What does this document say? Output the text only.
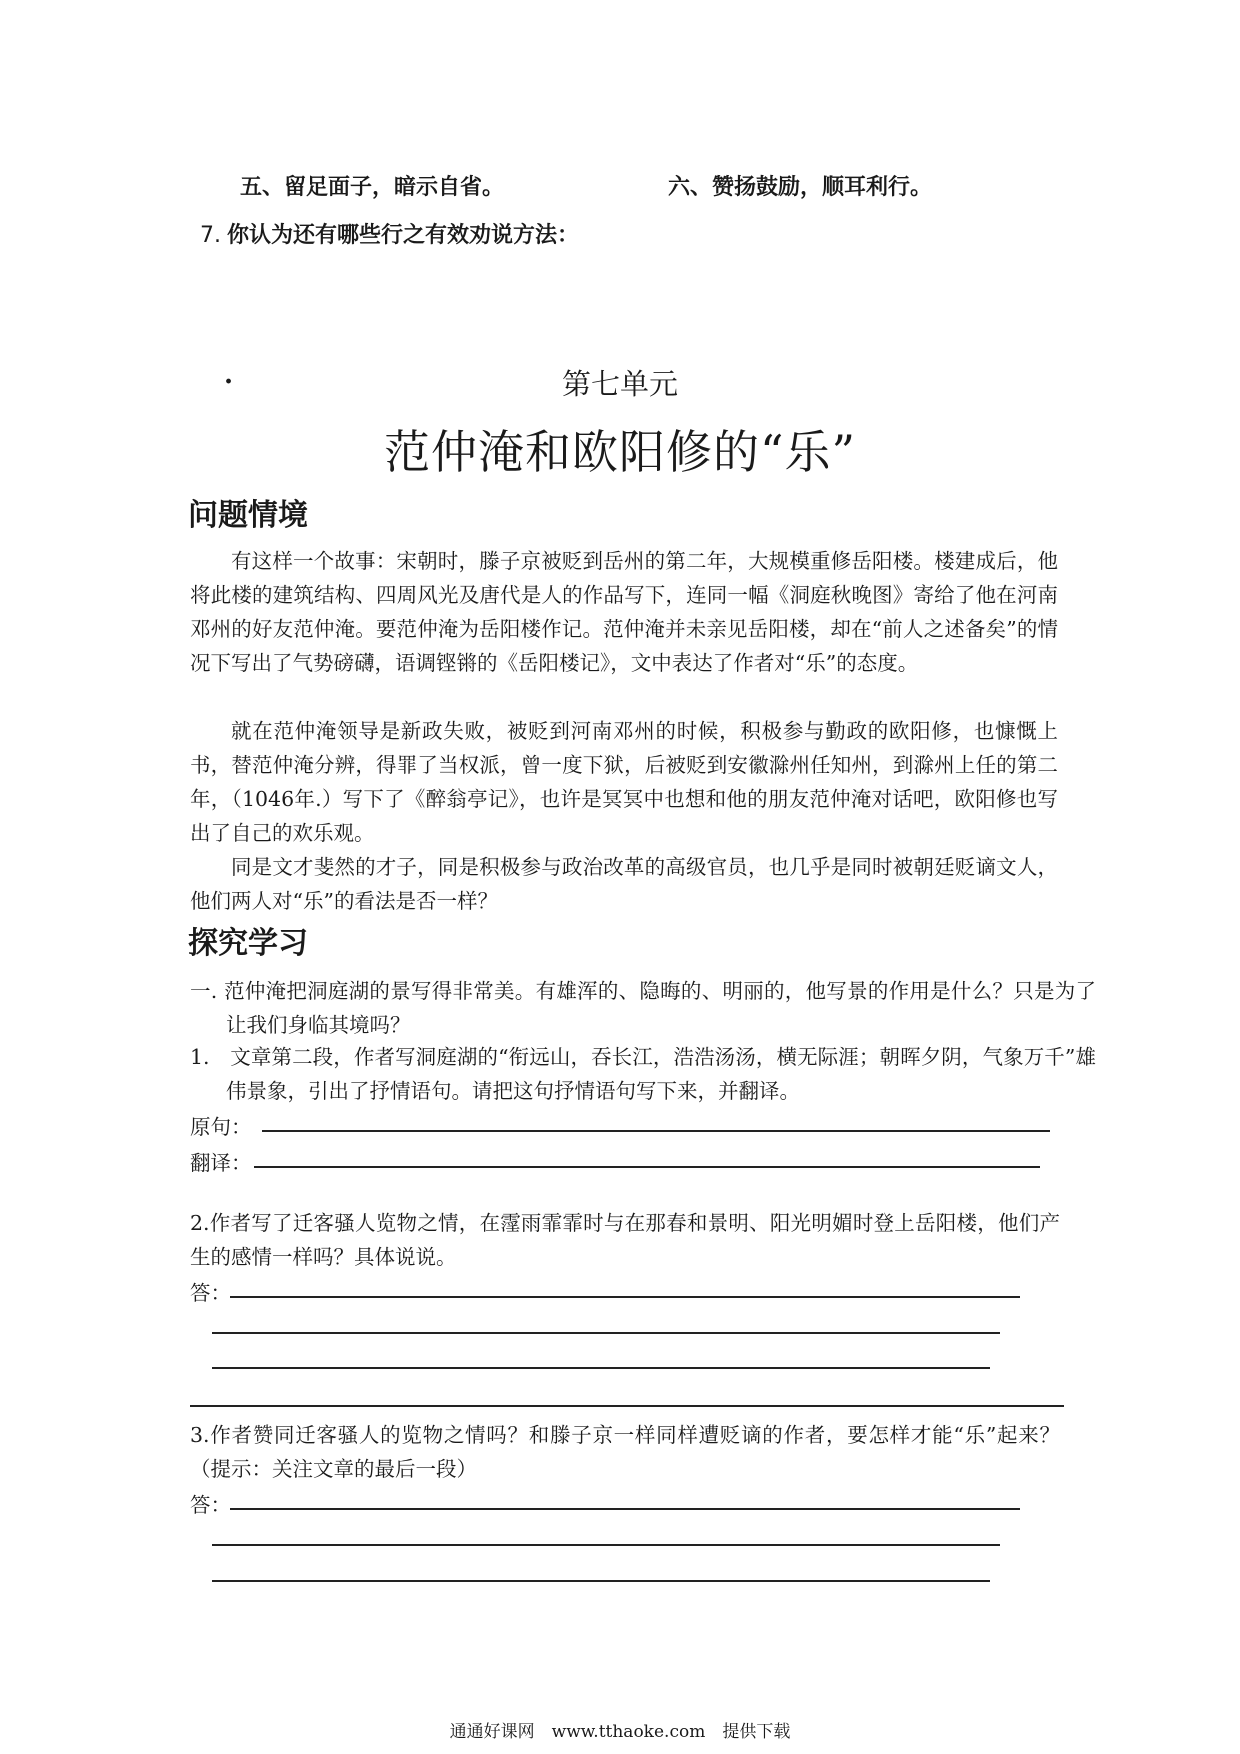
五、留足面子，暗示自省。	六、赞扬鼓励，顺耳利行。
7. 你认为还有哪些行之有效劝说方法：
.	第七单元
范仲淹和欧阳修的“乐”
问题情境
有这样一个故事：宋朝时，滕子京被贬到岳州的第二年，大规模重修岳阳楼。楼建成后，他将此楼的建筑结构、四周风光及唐代是人的作品写下，连同一幅《洞庭秋晚图》寄给了他在河南邓州的好友范仲淹。要范仲淹为岳阳楼作记。范仲淹并未亲见岳阳楼，却在“前人之述备矣”的情况下写出了气势磅礴，语调铿锵的《岳阳楼记》，文中表达了作者对“乐”的态度。
就在范仲淹领导是新政失败，被贬到河南邓州的时候，积极参与勤政的欧阳修，也慷慨上书，替范仲淹分辨，得罪了当权派，曾一度下狱，后被贬到安徽滁州任知州，到滁州上任的第二年，（1046年.）写下了《醉翁亭记》，也许是冥冥中也想和他的朋友范仲淹对话吧，欧阳修也写出了自己的欢乐观。
同是文才斐然的才子，同是积极参与政治改革的高级官员，也几乎是同时被朝廷贬谪文人，他们两人对“乐”的看法是否一样？
探究学习
一. 范仲淹把洞庭湖的景写得非常美。有雄浑的、隐晦的、明丽的，他写景的作用是什么？只是为了让我们身临其境吗？
1.　文章第二段，作者写洞庭湖的“衔远山，吞长江，浩浩汤汤，横无际涯；朝晖夕阴，气象万千”雄伟景象，引出了抒情语句。请把这句抒情语句写下来，并翻译。
原句：
翻译：
2.作者写了迁客骚人览物之情，在霪雨霏霏时与在那春和景明、阳光明媚时登上岳阳楼，他们产生的感情一样吗？具体说说。
答：
3.作者赞同迁客骚人的览物之情吗？和滕子京一样同样遭贬谪的作者，要怎样才能“乐”起来？（提示：关注文章的最后一段）
答：
通通好课网　www.tthaoke.com　提供下载
